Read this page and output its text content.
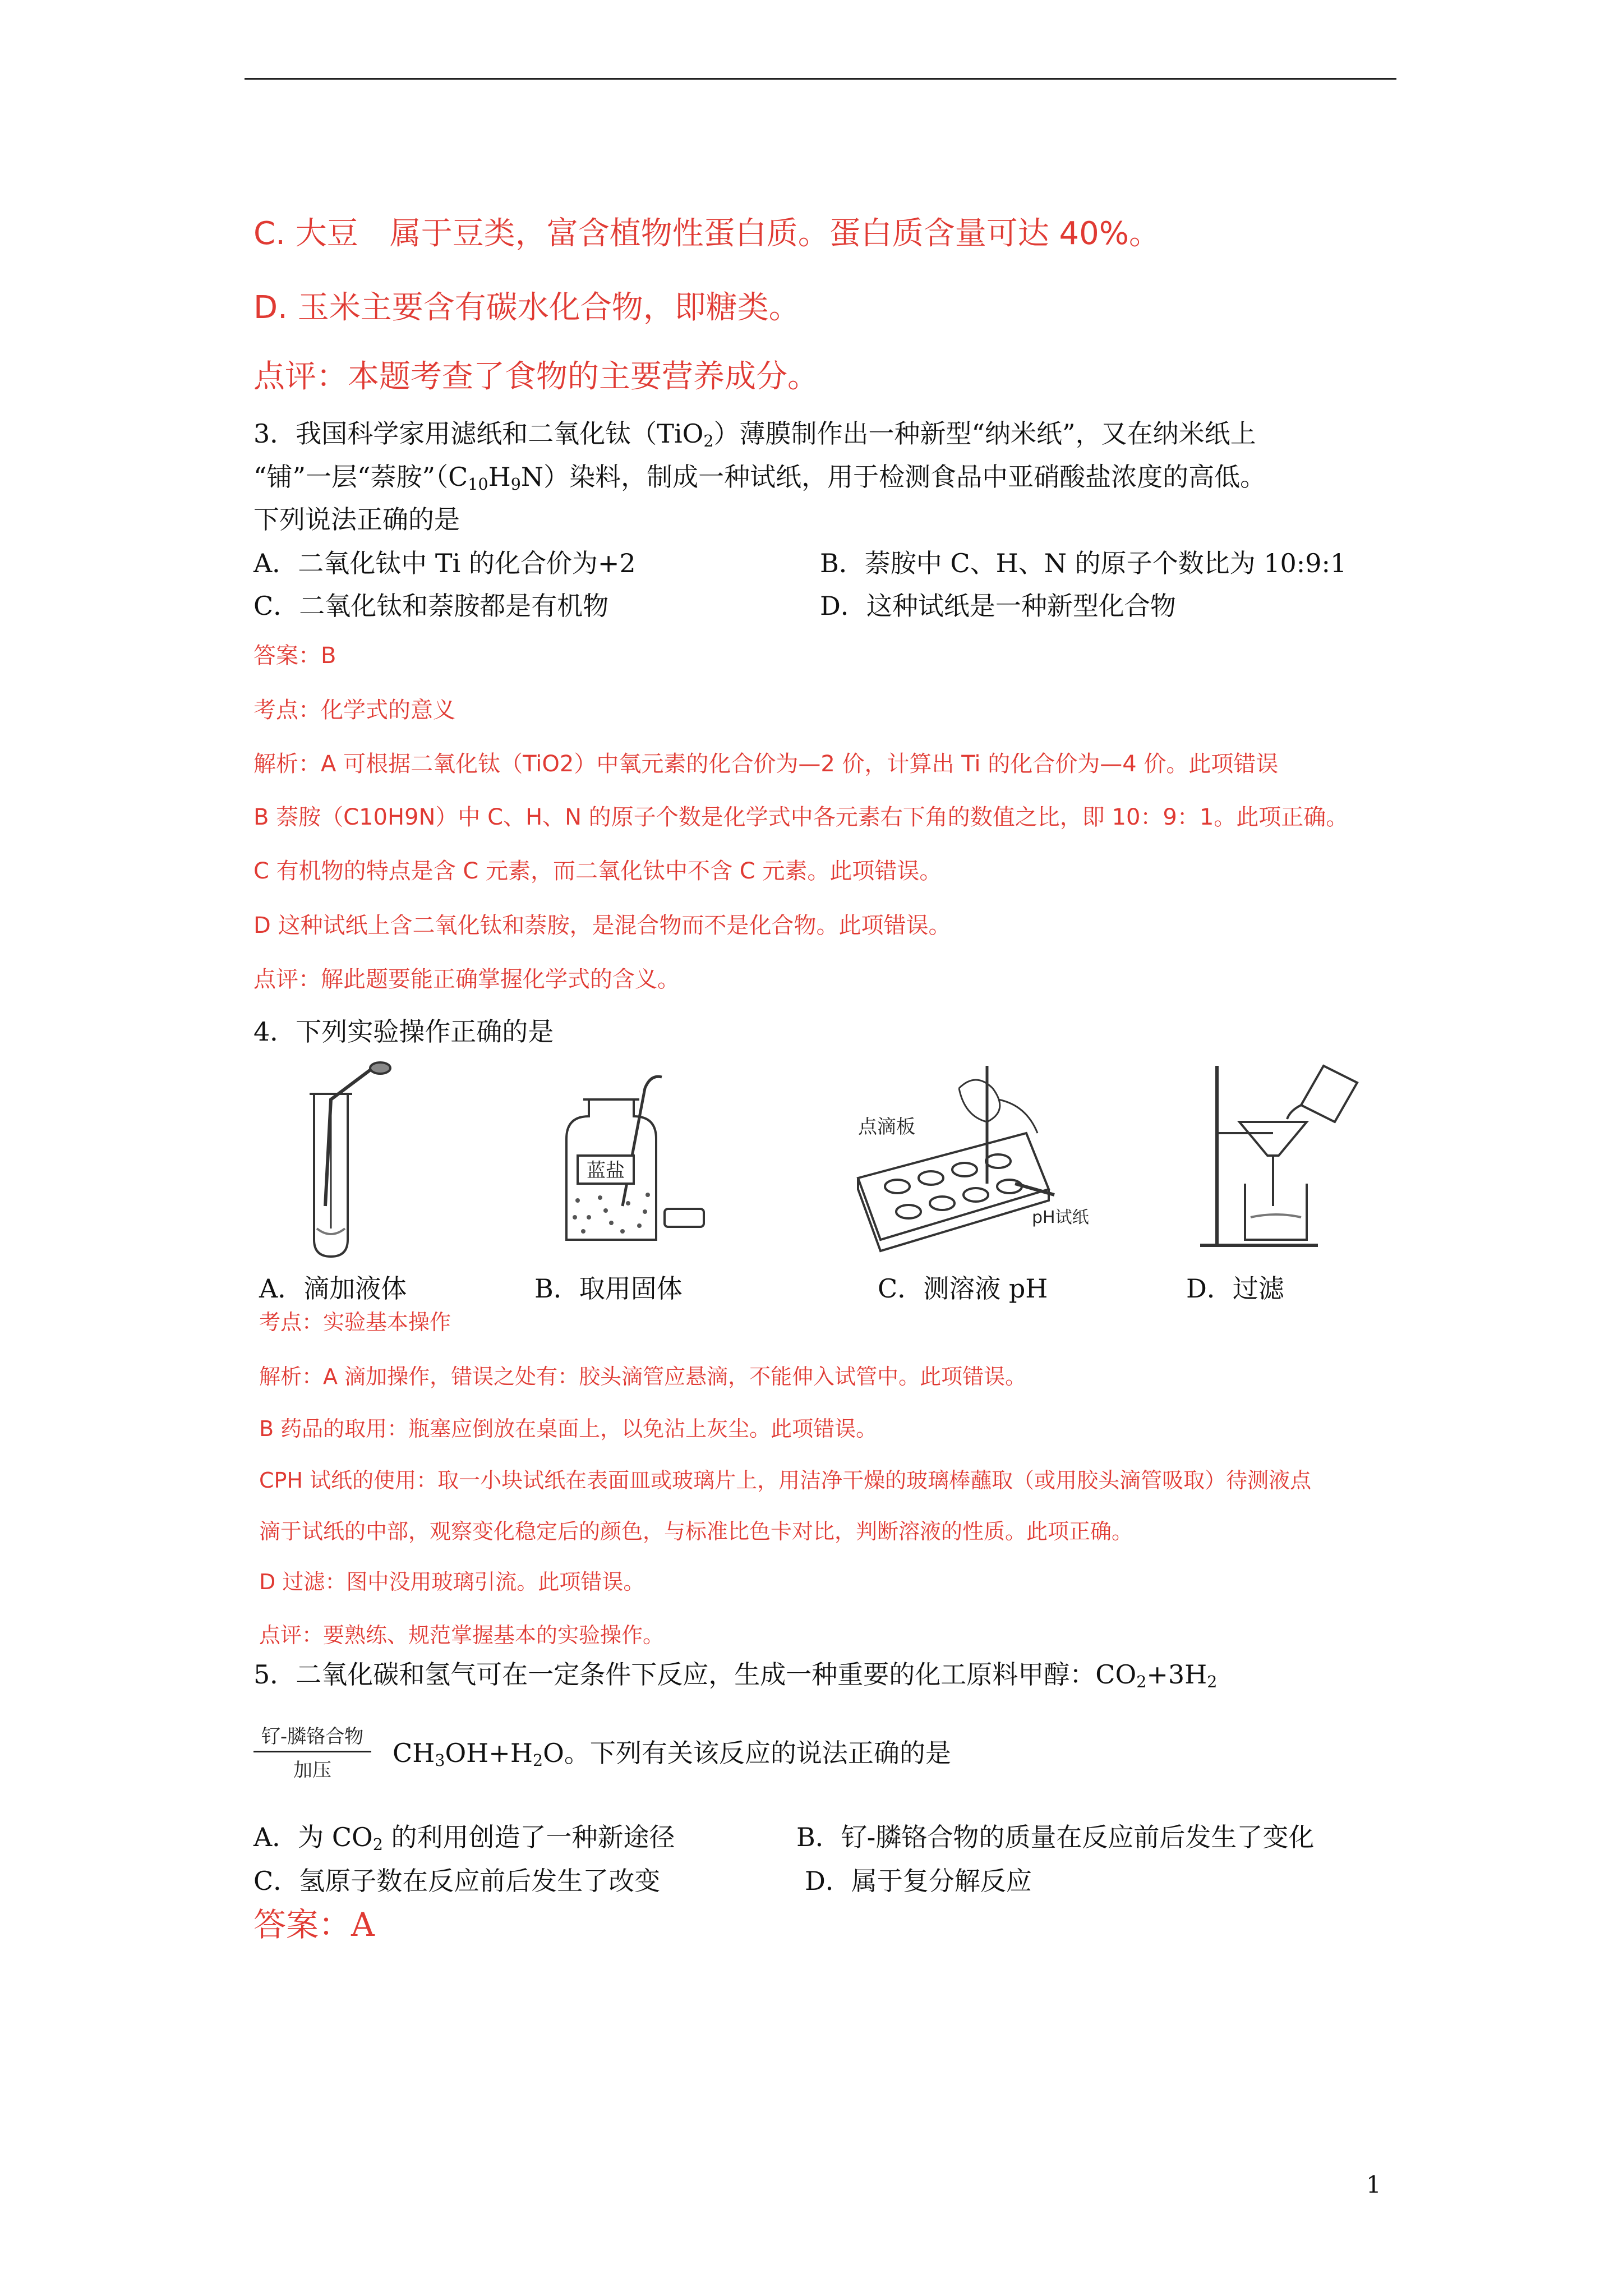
C. 大豆　属于豆类，富含植物性蛋白质。蛋白质含量可达 40%。
D. 玉米主要含有碳水化合物，即糖类。
点评：本题考查了食物的主要营养成分。
3．我国科学家用滤纸和二氧化钛（TiO$_2$）薄膜制作出一种新型“纳米纸”，又在纳米纸上
“铺”一层“萘胺$”(C_{10}H_9N)$染料，制成一种试纸，用于检测食品中亚硝酸盐浓度的高低。
下列说法正确的是
A．二氧化钛中 Ti 的化合价为+2	B．萘胺中 C、H、N 的原子个数比为 10:9:1
C．二氧化钛和萘胺都是有机物	D．这种试纸是一种新型化合物
答案：B
考点：化学式的意义
解析：A 可根据二氧化钛（TiO2）中氧元素的化合价为—2 价，计算出 Ti 的化合价为—4 价。此项错误
B 萘胺（C10H9N）中 C、H、N 的原子个数是化学式中各元素右下角的数值之比，即 10：9：1。此项正确。
C 有机物的特点是含 C 元素，而二氧化钛中不含 C 元素。此项错误。
D 这种试纸上含二氧化钛和萘胺，是混合物而不是化合物。此项错误。
点评：解此题要能正确掌握化学式的含义。
4．下列实验操作正确的是
蓝盐
点滴板
pH试纸
A．滴加液体	B．取用固体	C．测溶液 pH	D．过滤
考点：实验基本操作
解析：A 滴加操作，错误之处有：胶头滴管应悬滴，不能伸入试管中。此项错误。
B 药品的取用：瓶塞应倒放在桌面上，以免沾上灰尘。此项错误。
CPH 试纸的使用：取一小块试纸在表面皿或玻璃片上，用洁净干燥的玻璃棒蘸取（或用胶头滴管吸取）待测液点
滴于试纸的中部，观察变化稳定后的颜色，与标准比色卡对比，判断溶液的性质。此项正确。
D 过滤：图中没用玻璃引流。此项错误。
点评：要熟练、规范掌握基本的实验操作。
5．二氧化碳和氢气可在一定条件下反应，生成一种重要的化工原料甲醇：$CO_2+3H_2$
钌-膦铬合物
加压
$CH_3OH+H_2O$。下列有关该反应的说法正确的是
A．为 $CO_2$ 的利用创造了一种新途径	B．钌-膦铬合物的质量在反应前后发生了变化
C．氢原子数在反应前后发生了改变	D．属于复分解反应
答案：A
1
